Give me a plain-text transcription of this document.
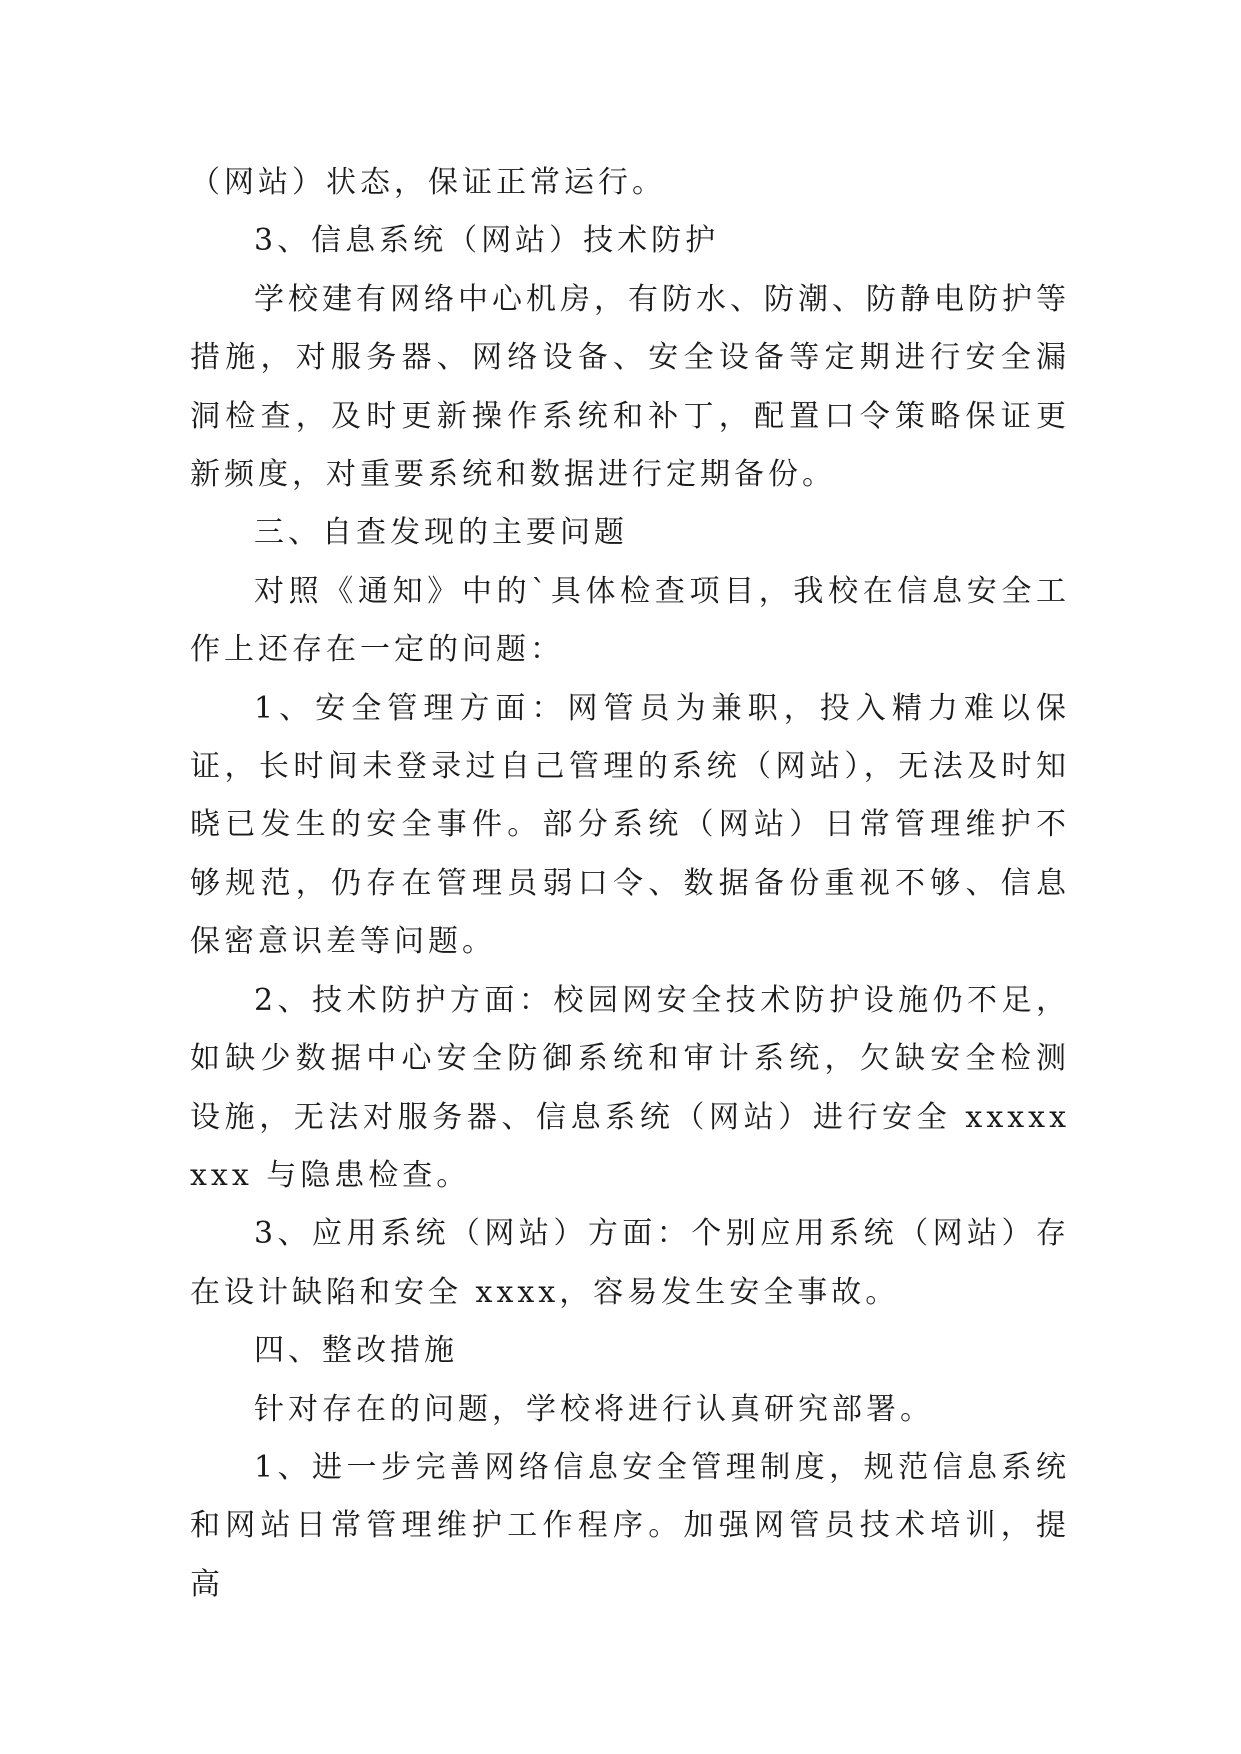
（网站）状态，保证正常运行。

3、信息系统（网站）技术防护

学校建有网络中心机房，有防水、防潮、防静电防护等措施，对服务器、网络设备、安全设备等定期进行安全漏洞检查，及时更新操作系统和补丁，配置口令策略保证更新频度，对重要系统和数据进行定期备份。

三、自查发现的主要问题

对照《通知》中的`具体检查项目，我校在信息安全工作上还存在一定的问题：

1、安全管理方面：网管员为兼职，投入精力难以保证，长时间未登录过自己管理的系统（网站），无法及时知晓已发生的安全事件。部分系统（网站）日常管理维护不够规范，仍存在管理员弱口令、数据备份重视不够、信息保密意识差等问题。

2、技术防护方面：校园网安全技术防护设施仍不足，如缺少数据中心安全防御系统和审计系统，欠缺安全检测设施，无法对服务器、信息系统（网站）进行安全 xxxxxxxx 与隐患检查。

3、应用系统（网站）方面：个别应用系统（网站）存在设计缺陷和安全 xxxx，容易发生安全事故。

四、整改措施

针对存在的问题，学校将进行认真研究部署。

1、进一步完善网络信息安全管理制度，规范信息系统和网站日常管理维护工作程序。加强网管员技术培训，提高
